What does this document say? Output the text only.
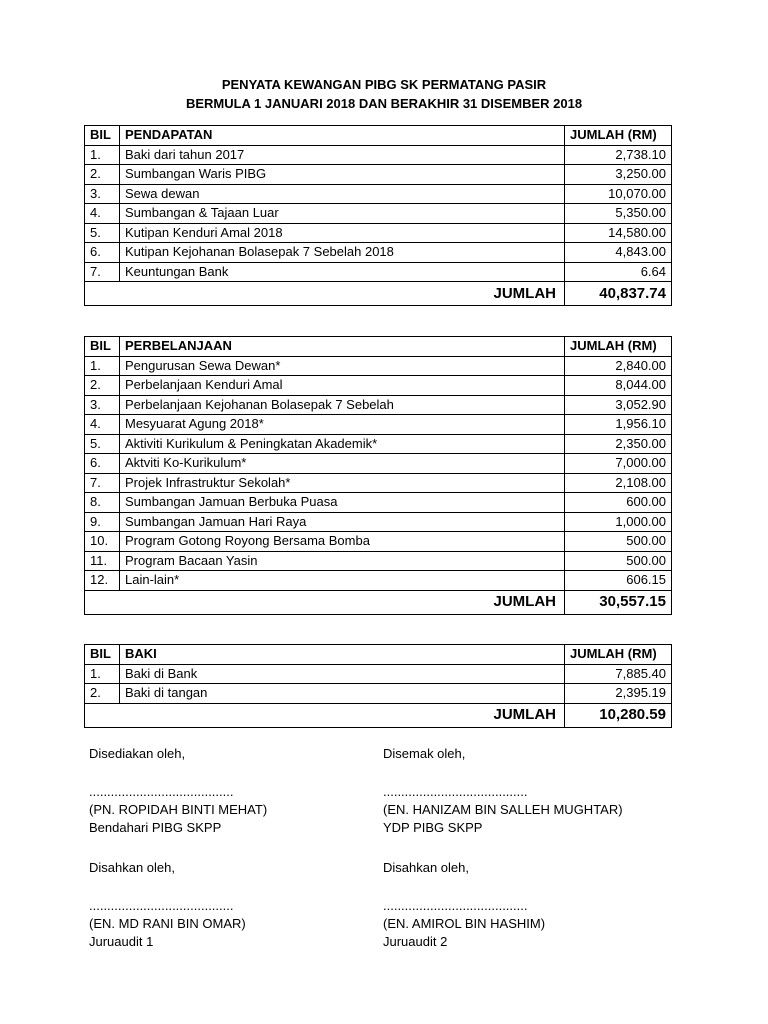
PENYATA KEWANGAN PIBG SK PERMATANG PASIR
BERMULA 1 JANUARI 2018 DAN BERAKHIR 31 DISEMBER 2018
BIL	PENDAPATAN	JUMLAH (RM)
1.	Baki dari tahun 2017	2,738.10
2.	Sumbangan Waris PIBG	3,250.00
3.	Sewa dewan	10,070.00
4.	Sumbangan & Tajaan Luar	5,350.00
5.	Kutipan Kenduri Amal 2018	14,580.00
6.	Kutipan Kejohanan Bolasepak 7 Sebelah 2018	4,843.00
7.	Keuntungan Bank	6.64
JUMLAH		40,837.74
BIL	PERBELANJAAN	JUMLAH (RM)
1.	Pengurusan Sewa Dewan*	2,840.00
2.	Perbelanjaan Kenduri Amal	8,044.00
3.	Perbelanjaan Kejohanan Bolasepak 7 Sebelah	3,052.90
4.	Mesyuarat Agung 2018*	1,956.10
5.	Aktiviti Kurikulum & Peningkatan Akademik*	2,350.00
6.	Aktviti Ko-Kurikulum*	7,000.00
7.	Projek Infrastruktur Sekolah*	2,108.00
8.	Sumbangan Jamuan Berbuka Puasa	600.00
9.	Sumbangan Jamuan Hari Raya	1,000.00
10.	Program Gotong Royong Bersama Bomba	500.00
11.	Program Bacaan Yasin	500.00
12.	Lain-lain*	606.15
JUMLAH		30,557.15
BIL	BAKI	JUMLAH (RM)
1.	Baki di Bank	7,885.40
2.	Baki di tangan	2,395.19
JUMLAH		10,280.59
Disediakan oleh,
........................................
(PN. ROPIDAH BINTI MEHAT)
Bendahari PIBG SKPP
Disemak oleh,
........................................
(EN. HANIZAM BIN SALLEH MUGHTAR)
YDP PIBG SKPP
Disahkan oleh,
........................................
(EN. MD RANI BIN OMAR)
Juruaudit 1
Disahkan oleh,
........................................
(EN. AMIROL BIN HASHIM)
Juruaudit 2
